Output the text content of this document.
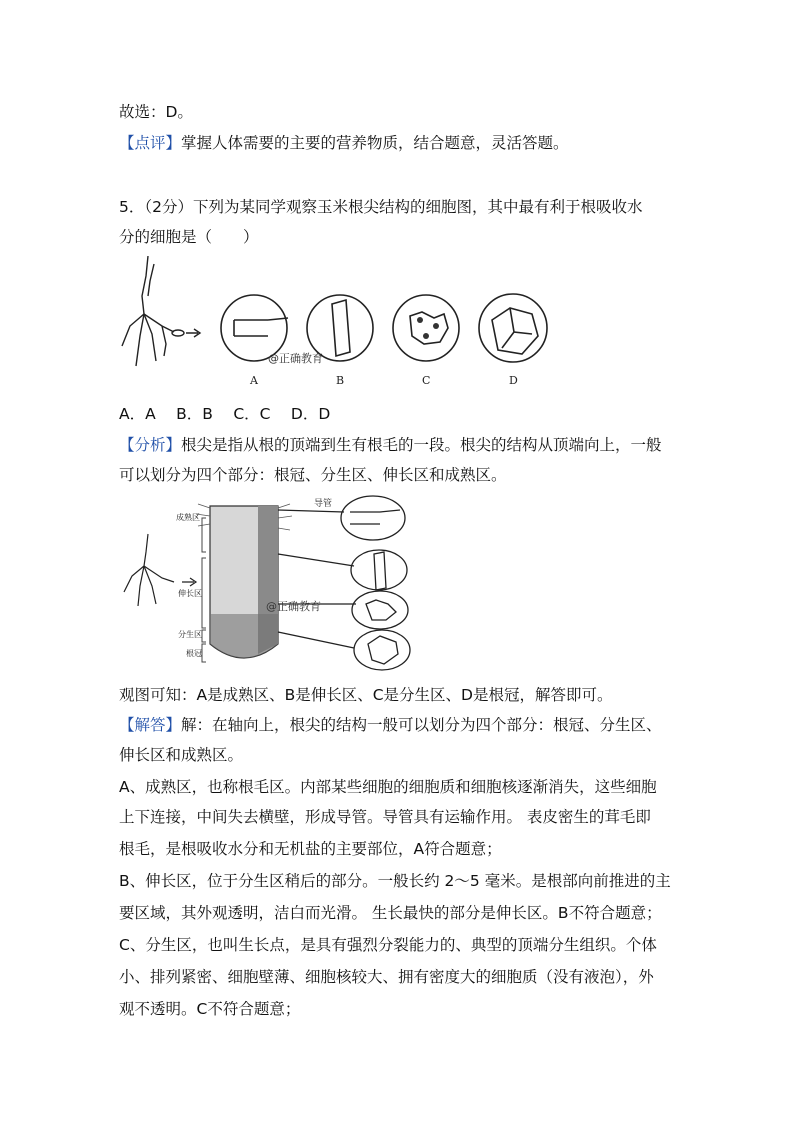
故选：D。
【点评】掌握人体需要的主要的营养物质，结合题意，灵活答题。
5．（2分）下列为某同学观察玉米根尖结构的细胞图，其中最有利于根吸收水
分的细胞是（　　）
@正确教育
A	B	C	D
A．A　 B．B　 C．C　 D．D
【分析】根尖是指从根的顶端到生有根毛的一段。根尖的结构从顶端向上，一般
可以划分为四个部分：根冠、分生区、伸长区和成熟区。
成熟区
伸长区
分生区
根冠
导管
@正确教育
观图可知：A是成熟区、B是伸长区、C是分生区、D是根冠，解答即可。
【解答】解：在轴向上，根尖的结构一般可以划分为四个部分：根冠、分生区、
伸长区和成熟区。
A、成熟区，也称根毛区。内部某些细胞的细胞质和细胞核逐渐消失，这些细胞
上下连接，中间失去横壁，形成导管。导管具有运输作用。 表皮密生的茸毛即
根毛，是根吸收水分和无机盐的主要部位，A符合题意；
B、伸长区，位于分生区稍后的部分。一般长约 2～5 毫米。是根部向前推进的主
要区域，其外观透明，洁白而光滑。 生长最快的部分是伸长区。B不符合题意；
C、分生区，也叫生长点，是具有强烈分裂能力的、典型的顶端分生组织。个体
小、排列紧密、细胞壁薄、细胞核较大、拥有密度大的细胞质（没有液泡），外
观不透明。C不符合题意；
